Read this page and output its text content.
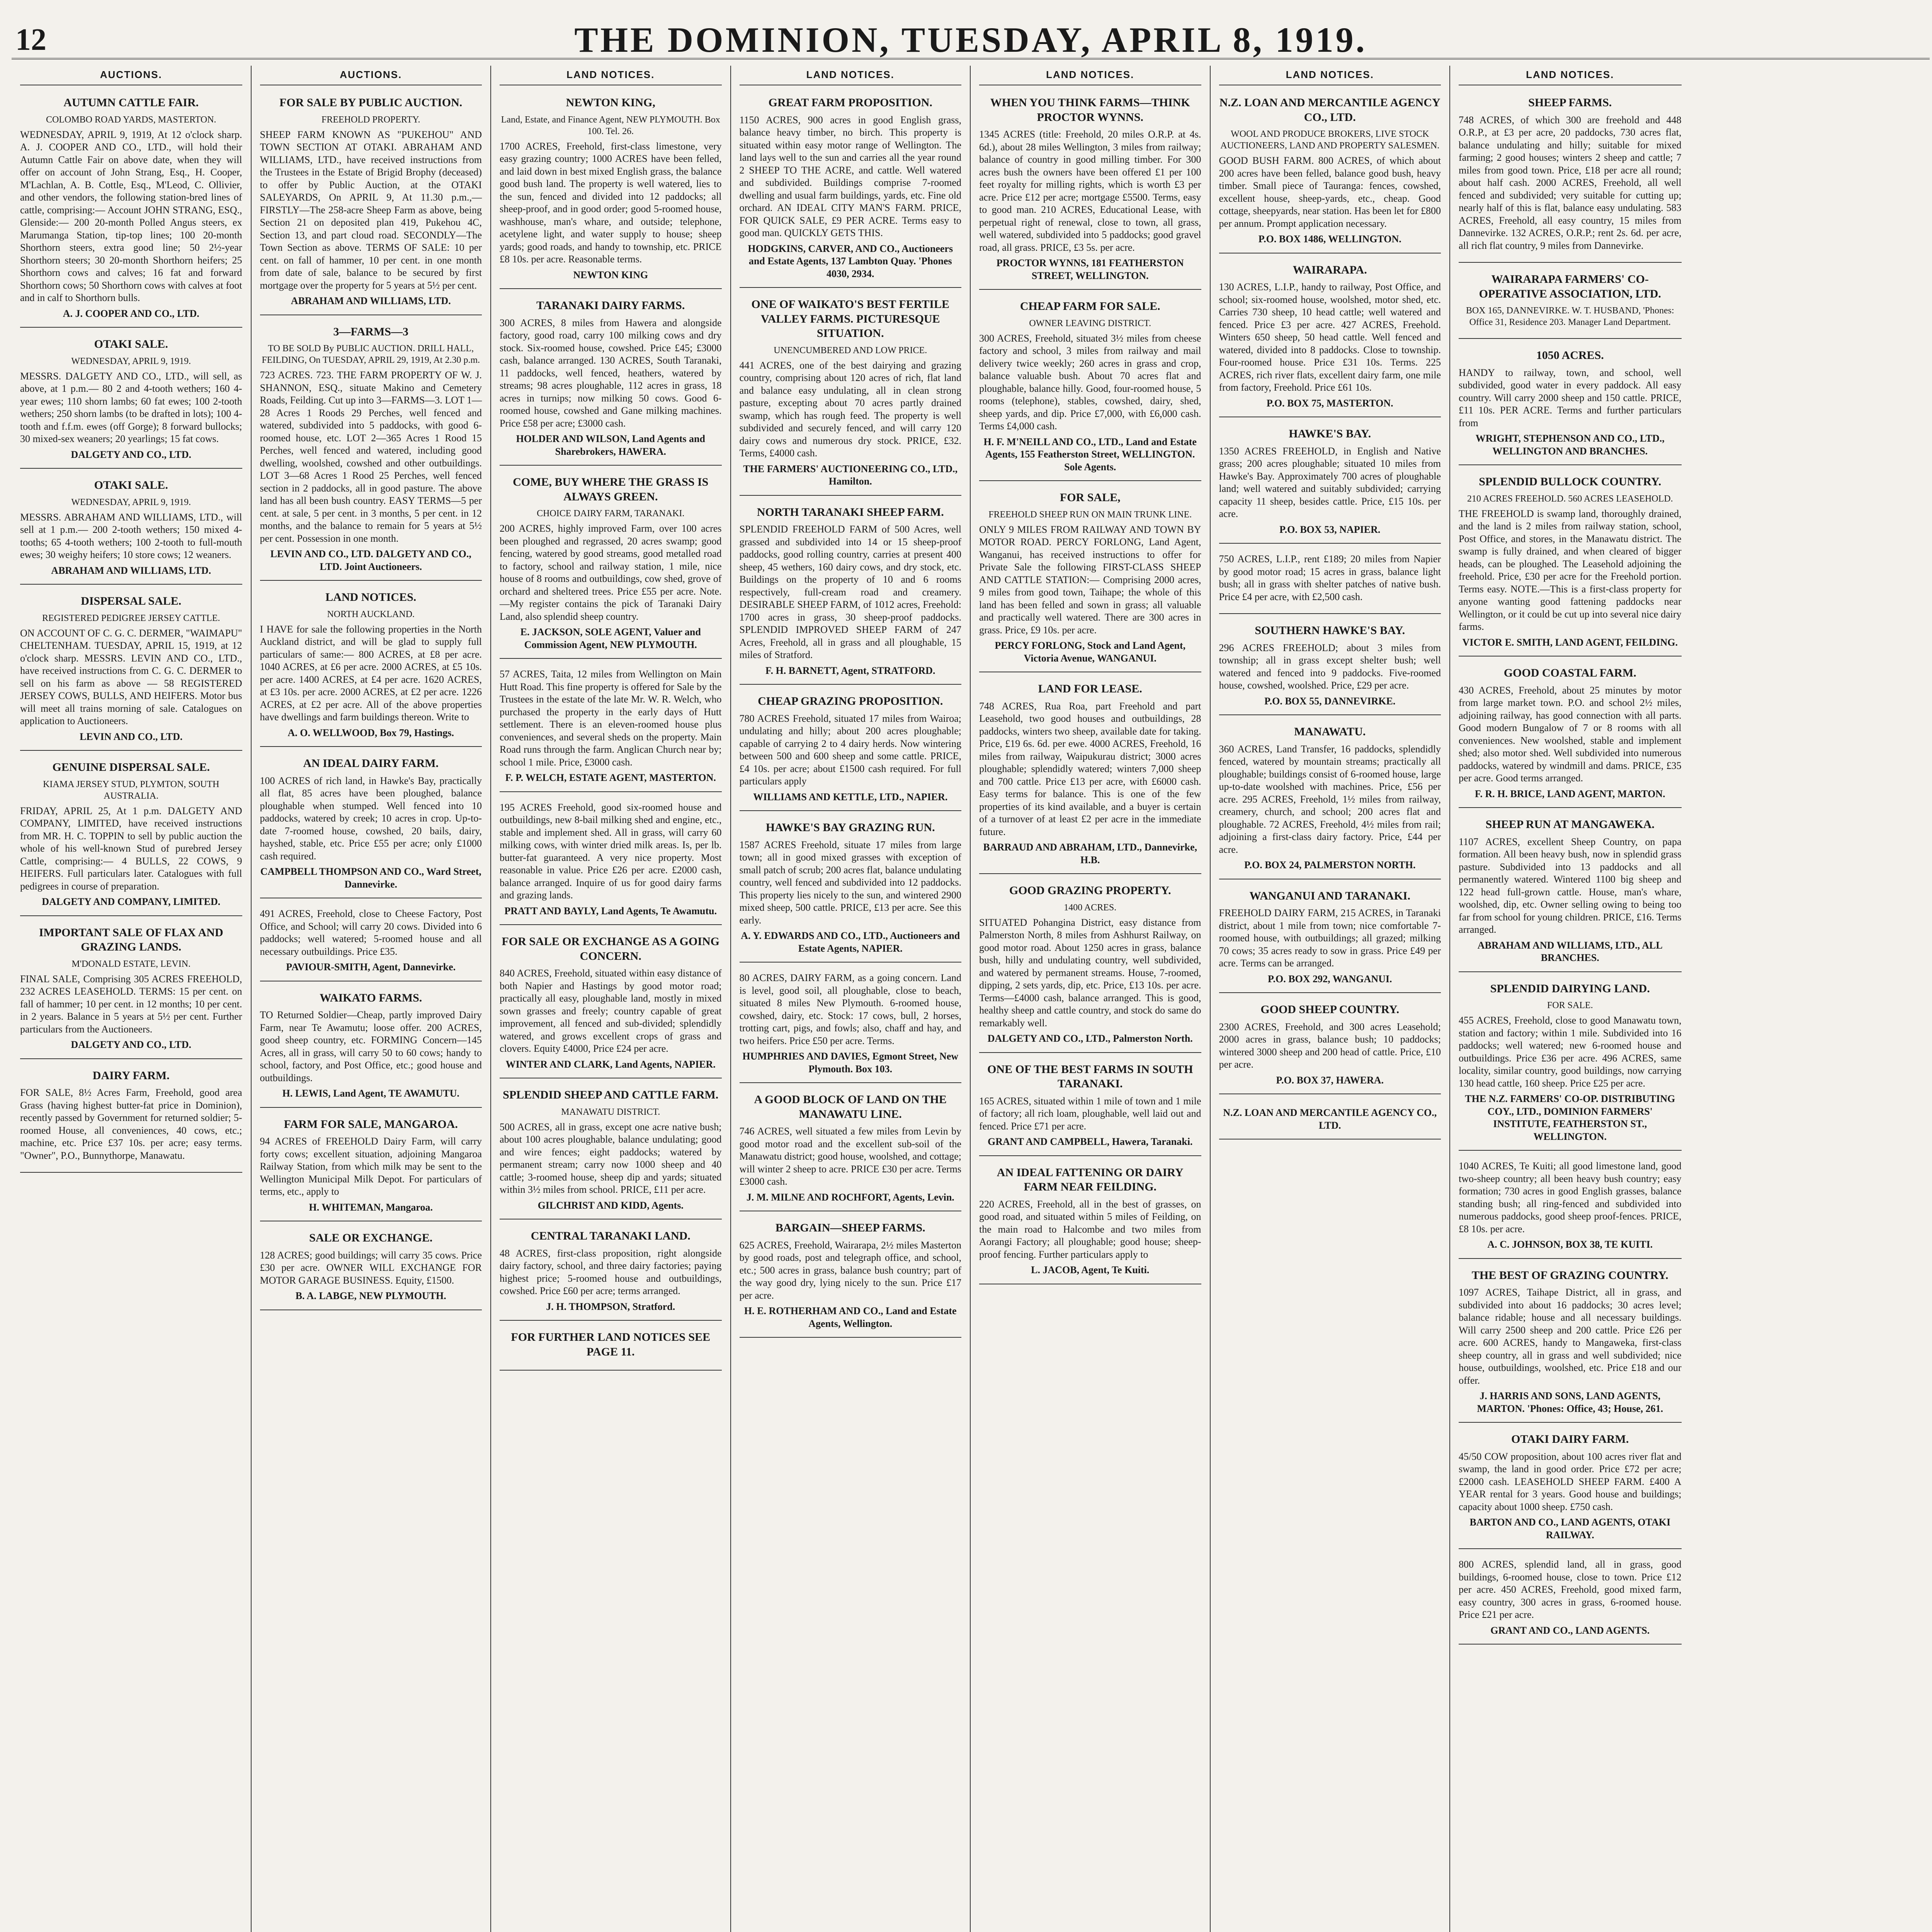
12	THE DOMINION, TUESDAY, APRIL 8, 1919.
AUCTIONS.
AUTUMN CATTLE FAIR.
COLOMBO ROAD YARDS, MASTERTON.

WEDNESDAY, APRIL 9, 1919, At 12 o'clock sharp. A. J. COOPER AND CO., LTD., will hold their Autumn Cattle Fair on above date, when they will offer on account of John Strang, Esq., H. Cooper, M'Lachlan, A. B. Cottle, Esq., M'Leod, C. Ollivier, and other vendors, the following station-bred lines of cattle, comprising:— Account JOHN STRANG, ESQ., Glenside:— 200 20-month Polled Angus steers, ex Marumanga Station, tip-top lines; 100 20-month Shorthorn steers, extra good line; 50 2½-year Shorthorn steers; 30 20-month Shorthorn heifers; 25 Shorthorn cows and calves; 16 fat and forward Shorthorn cows; 50 Shorthorn cows with calves at foot and in calf to Shorthorn bulls.

A. J. COOPER AND CO., LTD.
OTAKI SALE.
WEDNESDAY, APRIL 9, 1919.

MESSRS. DALGETY AND CO., LTD., will sell, as above, at 1 p.m.— 80 2 and 4-tooth wethers; 160 4-year ewes; 110 shorn lambs; 60 fat ewes; 100 2-tooth wethers; 250 shorn lambs (to be drafted in lots); 100 4-tooth and f.f.m. ewes (off Gorge); 8 forward bullocks; 30 mixed-sex weaners; 20 yearlings; 15 fat cows.

DALGETY AND CO., LTD.
OTAKI SALE.
WEDNESDAY, APRIL 9, 1919.

MESSRS. ABRAHAM AND WILLIAMS, LTD., will sell at 1 p.m.— 200 2-tooth wethers; 150 mixed 4-tooths; 65 4-tooth wethers; 100 2-tooth to full-mouth ewes; 30 weighy heifers; 10 store cows; 12 weaners.

ABRAHAM AND WILLIAMS, LTD.
DISPERSAL SALE.
REGISTERED PEDIGREE JERSEY CATTLE.

ON ACCOUNT OF C. G. C. DERMER, "WAIMAPU" CHELTENHAM. TUESDAY, APRIL 15, 1919, at 12 o'clock sharp. MESSRS. LEVIN AND CO., LTD., have received instructions from C. G. C. DERMER to sell on his farm as above — 58 REGISTERED JERSEY COWS, BULLS, AND HEIFERS. Motor bus will meet all trains morning of sale. Catalogues on application to Auctioneers.

LEVIN AND CO., LTD.
GENUINE DISPERSAL SALE.
KIAMA JERSEY STUD, PLYMTON, SOUTH AUSTRALIA.

FRIDAY, APRIL 25, At 1 p.m. DALGETY AND COMPANY, LIMITED, have received instructions from MR. H. C. TOPPIN to sell by public auction the whole of his well-known Stud of purebred Jersey Cattle, comprising:— 4 BULLS, 22 COWS, 9 HEIFERS. Full particulars later. Catalogues with full pedigrees in course of preparation.

DALGETY AND COMPANY, LIMITED.
IMPORTANT SALE OF FLAX AND GRAZING LANDS.
M'DONALD ESTATE, LEVIN.

FINAL SALE, Comprising 305 ACRES FREEHOLD, 232 ACRES LEASEHOLD. TERMS: 15 per cent. on fall of hammer; 10 per cent. in 12 months; 10 per cent. in 2 years. Balance in 5 years at 5½ per cent. Further particulars from the Auctioneers.

DALGETY AND CO., LTD.
DAIRY FARM.

FOR SALE, 8½ Acres Farm, Freehold, good area Grass (having highest butter-fat price in Dominion), recently passed by Government for returned soldier; 5-roomed House, all conveniences, 40 cows, etc.; machine, etc. Price £37 10s. per acre; easy terms. "Owner", P.O., Bunnythorpe, Manawatu.

AUCTIONS.
FOR SALE BY PUBLIC AUCTION.
FREEHOLD PROPERTY.

SHEEP FARM KNOWN AS "PUKEHOU" AND TOWN SECTION AT OTAKI. ABRAHAM AND WILLIAMS, LTD., have received instructions from the Trustees in the Estate of Brigid Brophy (deceased) to offer by Public Auction, at the OTAKI SALEYARDS, On APRIL 9, At 11.30 p.m.,— FIRSTLY—The 258-acre Sheep Farm as above, being Section 21 on deposited plan 419, Pukehou 4C, Section 13, and part cloud road. SECONDLY—The Town Section as above. TERMS OF SALE: 10 per cent. on fall of hammer, 10 per cent. in one month from date of sale, balance to be secured by first mortgage over the property for 5 years at 5½ per cent.

ABRAHAM AND WILLIAMS, LTD.
3—FARMS—3
TO BE SOLD By PUBLIC AUCTION. DRILL HALL, FEILDING, On TUESDAY, APRIL 29, 1919, At 2.30 p.m.

723 ACRES. 723. THE FARM PROPERTY OF W. J. SHANNON, ESQ., situate Makino and Cemetery Roads, Feilding. Cut up into 3—FARMS—3. LOT 1—28 Acres 1 Roods 29 Perches, well fenced and watered, subdivided into 5 paddocks, with good 6-roomed house, etc. LOT 2—365 Acres 1 Rood 15 Perches, well fenced and watered, including good dwelling, woolshed, cowshed and other outbuildings. LOT 3—68 Acres 1 Rood 25 Perches, well fenced section in 2 paddocks, all in good pasture. The above land has all been bush country. EASY TERMS—5 per cent. at sale, 5 per cent. in 3 months, 5 per cent. in 12 months, and the balance to remain for 5 years at 5½ per cent. Possession in one month.

LEVIN AND CO., LTD. DALGETY AND CO., LTD. Joint Auctioneers.
LAND NOTICES.
NORTH AUCKLAND.

I HAVE for sale the following properties in the North Auckland district, and will be glad to supply full particulars of same:— 800 ACRES, at £8 per acre. 1040 ACRES, at £6 per acre. 2000 ACRES, at £5 10s. per acre. 1400 ACRES, at £4 per acre. 1620 ACRES, at £3 10s. per acre. 2000 ACRES, at £2 per acre. 1226 ACRES, at £2 per acre. All of the above properties have dwellings and farm buildings thereon. Write to

A. O. WELLWOOD, Box 79, Hastings.
AN IDEAL DAIRY FARM.

100 ACRES of rich land, in Hawke's Bay, practically all flat, 85 acres have been ploughed, balance ploughable when stumped. Well fenced into 10 paddocks, watered by creek; 10 acres in crop. Up-to-date 7-roomed house, cowshed, 20 bails, dairy, hayshed, stable, etc. Price £55 per acre; only £1000 cash required.

CAMPBELL THOMPSON AND CO., Ward Street, Dannevirke.

491 ACRES, Freehold, close to Cheese Factory, Post Office, and School; will carry 20 cows. Divided into 6 paddocks; well watered; 5-roomed house and all necessary outbuildings. Price £35.

PAVIOUR-SMITH, Agent, Dannevirke.
WAIKATO FARMS.

TO Returned Soldier—Cheap, partly improved Dairy Farm, near Te Awamutu; loose offer. 200 ACRES, good sheep country, etc. FORMING Concern—145 Acres, all in grass, will carry 50 to 60 cows; handy to school, factory, and Post Office, etc.; good house and outbuildings.

H. LEWIS, Land Agent, TE AWAMUTU.
FARM FOR SALE, MANGAROA.

94 ACRES of FREEHOLD Dairy Farm, will carry forty cows; excellent situation, adjoining Mangaroa Railway Station, from which milk may be sent to the Wellington Municipal Milk Depot. For particulars of terms, etc., apply to

H. WHITEMAN, Mangaroa.
SALE OR EXCHANGE.

128 ACRES; good buildings; will carry 35 cows. Price £30 per acre. OWNER WILL EXCHANGE FOR MOTOR GARAGE BUSINESS. Equity, £1500.

B. A. LABGE, NEW PLYMOUTH.
LAND NOTICES.
NEWTON KING,
Land, Estate, and Finance Agent, NEW PLYMOUTH. Box 100. Tel. 26.

1700 ACRES, Freehold, first-class limestone, very easy grazing country; 1000 ACRES have been felled, and laid down in best mixed English grass, the balance good bush land. The property is well watered, lies to the sun, fenced and divided into 12 paddocks; all sheep-proof, and in good order; good 5-roomed house, washhouse, man's whare, and outside; telephone, acetylene light, and water supply to house; sheep yards; good roads, and handy to township, etc. PRICE £8 10s. per acre. Reasonable terms.

NEWTON KING
TARANAKI DAIRY FARMS.

300 ACRES, 8 miles from Hawera and alongside factory, good road, carry 100 milking cows and dry stock. Six-roomed house, cowshed. Price £45; £3000 cash, balance arranged. 130 ACRES, South Taranaki, 11 paddocks, well fenced, heathers, watered by streams; 98 acres ploughable, 112 acres in grass, 18 acres in turnips; now milking 50 cows. Good 6-roomed house, cowshed and Gane milking machines. Price £58 per acre; £3000 cash.

HOLDER AND WILSON, Land Agents and Sharebrokers, HAWERA.
COME, BUY WHERE THE GRASS IS ALWAYS GREEN.
CHOICE DAIRY FARM, TARANAKI.

200 ACRES, highly improved Farm, over 100 acres been ploughed and regrassed, 20 acres swamp; good fencing, watered by good streams, good metalled road to factory, school and railway station, 1 mile, nice house of 8 rooms and outbuildings, cow shed, grove of orchard and sheltered trees. Price £55 per acre. Note.—My register contains the pick of Taranaki Dairy Land, also splendid sheep country.

E. JACKSON, SOLE AGENT, Valuer and Commission Agent, NEW PLYMOUTH.

57 ACRES, Taita, 12 miles from Wellington on Main Hutt Road. This fine property is offered for Sale by the Trustees in the estate of the late Mr. W. R. Welch, who purchased the property in the early days of Hutt settlement. There is an eleven-roomed house plus conveniences, and several sheds on the property. Main Road runs through the farm. Anglican Church near by; school 1 mile. Price, £3000 cash.

F. P. WELCH, ESTATE AGENT, MASTERTON.

195 ACRES Freehold, good six-roomed house and outbuildings, new 8-bail milking shed and engine, etc., stable and implement shed. All in grass, will carry 60 milking cows, with winter dried milk areas. Is, per lb. butter-fat guaranteed. A very nice property. Most reasonable in value. Price £26 per acre. £2000 cash, balance arranged. Inquire of us for good dairy farms and grazing lands.

PRATT AND BAYLY, Land Agents, Te Awamutu.
FOR SALE OR EXCHANGE AS A GOING CONCERN.

840 ACRES, Freehold, situated within easy distance of both Napier and Hastings by good motor road; practically all easy, ploughable land, mostly in mixed sown grasses and freely; country capable of great improvement, all fenced and sub-divided; splendidly watered, and grows excellent crops of grass and clovers. Equity £4000, Price £24 per acre.

WINTER AND CLARK, Land Agents, NAPIER.
SPLENDID SHEEP AND CATTLE FARM.
MANAWATU DISTRICT.

500 ACRES, all in grass, except one acre native bush; about 100 acres ploughable, balance undulating; good and wire fences; eight paddocks; watered by permanent stream; carry now 1000 sheep and 40 cattle; 3-roomed house, sheep dip and yards; situated within 3½ miles from school. PRICE, £11 per acre.

GILCHRIST AND KIDD, Agents.
CENTRAL TARANAKI LAND.

48 ACRES, first-class proposition, right alongside dairy factory, school, and three dairy factories; paying highest price; 5-roomed house and outbuildings, cowshed. Price £60 per acre; terms arranged.

J. H. THOMPSON, Stratford.
FOR FURTHER LAND NOTICES SEE PAGE 11.
LAND NOTICES.
GREAT FARM PROPOSITION.

1150 ACRES, 900 acres in good English grass, balance heavy timber, no birch. This property is situated within easy motor range of Wellington. The land lays well to the sun and carries all the year round 2 SHEEP TO THE ACRE, and cattle. Well watered and subdivided. Buildings comprise 7-roomed dwelling and usual farm buildings, yards, etc. Fine old orchard. AN IDEAL CITY MAN'S FARM. PRICE, FOR QUICK SALE, £9 PER ACRE. Terms easy to good man. QUICKLY GETS THIS.

HODGKINS, CARVER, AND CO., Auctioneers and Estate Agents, 137 Lambton Quay. 'Phones 4030, 2934.
ONE OF WAIKATO'S BEST FERTILE VALLEY FARMS. PICTURESQUE SITUATION.
UNENCUMBERED AND LOW PRICE.

441 ACRES, one of the best dairying and grazing country, comprising about 120 acres of rich, flat land and balance easy undulating, all in clean strong pasture, excepting about 70 acres partly drained swamp, which has rough feed. The property is well subdivided and securely fenced, and will carry 120 dairy cows and numerous dry stock. PRICE, £32. Terms, £4000 cash.

THE FARMERS' AUCTIONEERING CO., LTD., Hamilton.
NORTH TARANAKI SHEEP FARM.

SPLENDID FREEHOLD FARM of 500 Acres, well grassed and subdivided into 14 or 15 sheep-proof paddocks, good rolling country, carries at present 400 sheep, 45 wethers, 160 dairy cows, and dry stock, etc. Buildings on the property of 10 and 6 rooms respectively, full-cream road and creamery. DESIRABLE SHEEP FARM, of 1012 acres, Freehold: 1700 acres in grass, 30 sheep-proof paddocks. SPLENDID IMPROVED SHEEP FARM of 247 Acres, Freehold, all in grass and all ploughable, 15 miles of Stratford.

F. H. BARNETT, Agent, STRATFORD.
CHEAP GRAZING PROPOSITION.

780 ACRES Freehold, situated 17 miles from Wairoa; undulating and hilly; about 200 acres ploughable; capable of carrying 2 to 4 dairy herds. Now wintering between 500 and 600 sheep and some cattle. PRICE, £4 10s. per acre; about £1500 cash required. For full particulars apply

WILLIAMS AND KETTLE, LTD., NAPIER.
HAWKE'S BAY GRAZING RUN.

1587 ACRES Freehold, situate 17 miles from large town; all in good mixed grasses with exception of small patch of scrub; 200 acres flat, balance undulating country, well fenced and subdivided into 12 paddocks. This property lies nicely to the sun, and wintered 2900 mixed sheep, 500 cattle. PRICE, £13 per acre. See this early.

A. Y. EDWARDS AND CO., LTD., Auctioneers and Estate Agents, NAPIER.

80 ACRES, DAIRY FARM, as a going concern. Land is level, good soil, all ploughable, close to beach, situated 8 miles New Plymouth. 6-roomed house, cowshed, dairy, etc. Stock: 17 cows, bull, 2 horses, trotting cart, pigs, and fowls; also, chaff and hay, and two heifers. Price £50 per acre. Terms.

HUMPHRIES AND DAVIES, Egmont Street, New Plymouth. Box 103.
A GOOD BLOCK OF LAND ON THE MANAWATU LINE.

746 ACRES, well situated a few miles from Levin by good motor road and the excellent sub-soil of the Manawatu district; good house, woolshed, and cottage; will winter 2 sheep to acre. PRICE £30 per acre. Terms £3000 cash.

J. M. MILNE AND ROCHFORT, Agents, Levin.
BARGAIN—SHEEP FARMS.

625 ACRES, Freehold, Wairarapa, 2½ miles Masterton by good roads, post and telegraph office, and school, etc.; 500 acres in grass, balance bush country; part of the way good dry, lying nicely to the sun. Price £17 per acre.

H. E. ROTHERHAM AND CO., Land and Estate Agents, Wellington.
LAND NOTICES.
WHEN YOU THINK FARMS—THINK PROCTOR WYNNS.

1345 ACRES (title: Freehold, 20 miles O.R.P. at 4s. 6d.), about 28 miles Wellington, 3 miles from railway; balance of country in good milling timber. For 300 acres bush the owners have been offered £1 per 100 feet royalty for milling rights, which is worth £3 per acre. Price £12 per acre; mortgage £5500. Terms, easy to good man. 210 ACRES, Educational Lease, with perpetual right of renewal, close to town, all grass, well watered, subdivided into 5 paddocks; good gravel road, all grass. PRICE, £3 5s. per acre.

PROCTOR WYNNS, 181 FEATHERSTON STREET, WELLINGTON.
CHEAP FARM FOR SALE.
OWNER LEAVING DISTRICT.

300 ACRES, Freehold, situated 3½ miles from cheese factory and school, 3 miles from railway and mail delivery twice weekly; 260 acres in grass and crop, balance valuable bush. About 70 acres flat and ploughable, balance hilly. Good, four-roomed house, 5 rooms (telephone), stables, cowshed, dairy, shed, sheep yards, and dip. Price £7,000, with £6,000 cash. Terms £4,000 cash.

H. F. M'NEILL AND CO., LTD., Land and Estate Agents, 155 Featherston Street, WELLINGTON. Sole Agents.
FOR SALE,
FREEHOLD SHEEP RUN ON MAIN TRUNK LINE.

ONLY 9 MILES FROM RAILWAY AND TOWN BY MOTOR ROAD. PERCY FORLONG, Land Agent, Wanganui, has received instructions to offer for Private Sale the following FIRST-CLASS SHEEP AND CATTLE STATION:— Comprising 2000 acres, 9 miles from good town, Taihape; the whole of this land has been felled and sown in grass; all valuable and practically well watered. There are 300 acres in grass. Price, £9 10s. per acre.

PERCY FORLONG, Stock and Land Agent, Victoria Avenue, WANGANUI.
LAND FOR LEASE.

748 ACRES, Rua Roa, part Freehold and part Leasehold, two good houses and outbuildings, 28 paddocks, winters two sheep, available date for taking. Price, £19 6s. 6d. per ewe. 4000 ACRES, Freehold, 16 miles from railway, Waipukurau district; 3000 acres ploughable; splendidly watered; winters 7,000 sheep and 700 cattle. Price £13 per acre, with £6000 cash. Easy terms for balance. This is one of the few properties of its kind available, and a buyer is certain of a turnover of at least £2 per acre in the immediate future.

BARRAUD AND ABRAHAM, LTD., Dannevirke, H.B.
GOOD GRAZING PROPERTY.
1400 ACRES.

SITUATED Pohangina District, easy distance from Palmerston North, 8 miles from Ashhurst Railway, on good motor road. About 1250 acres in grass, balance bush, hilly and undulating country, well subdivided, and watered by permanent streams. House, 7-roomed, dipping, 2 sets yards, dip, etc. Price, £13 10s. per acre. Terms—£4000 cash, balance arranged. This is good, healthy sheep and cattle country, and stock do same do remarkably well.

DALGETY AND CO., LTD., Palmerston North.
ONE OF THE BEST FARMS IN SOUTH TARANAKI.

165 ACRES, situated within 1 mile of town and 1 mile of factory; all rich loam, ploughable, well laid out and fenced. Price £71 per acre.

GRANT AND CAMPBELL, Hawera, Taranaki.
AN IDEAL FATTENING OR DAIRY FARM NEAR FEILDING.

220 ACRES, Freehold, all in the best of grasses, on good road, and situated within 5 miles of Feilding, on the main road to Halcombe and two miles from Aorangi Factory; all ploughable; good house; sheep-proof fencing. Further particulars apply to

L. JACOB, Agent, Te Kuiti.
LAND NOTICES.
N.Z. LOAN AND MERCANTILE AGENCY CO., LTD.
WOOL AND PRODUCE BROKERS, LIVE STOCK AUCTIONEERS, LAND AND PROPERTY SALESMEN.

GOOD BUSH FARM. 800 ACRES, of which about 200 acres have been felled, balance good bush, heavy timber. Small piece of Tauranga: fences, cowshed, excellent house, sheep-yards, etc., cheap. Good cottage, sheepyards, near station. Has been let for £800 per annum. Prompt application necessary.

P.O. BOX 1486, WELLINGTON.
WAIRARAPA.

130 ACRES, L.I.P., handy to railway, Post Office, and school; six-roomed house, woolshed, motor shed, etc. Carries 730 sheep, 10 head cattle; well watered and fenced. Price £3 per acre. 427 ACRES, Freehold. Winters 650 sheep, 50 head cattle. Well fenced and watered, divided into 8 paddocks. Close to township. Four-roomed house. Price £31 10s. Terms. 225 ACRES, rich river flats, excellent dairy farm, one mile from factory, Freehold. Price £61 10s.

P.O. BOX 75, MASTERTON.
HAWKE'S BAY.

1350 ACRES FREEHOLD, in English and Native grass; 200 acres ploughable; situated 10 miles from Hawke's Bay. Approximately 700 acres of ploughable land; well watered and suitably subdivided; carrying capacity 11 sheep, besides cattle. Price, £15 10s. per acre.

P.O. BOX 53, NAPIER.

750 ACRES, L.I.P., rent £189; 20 miles from Napier by good motor road; 15 acres in grass, balance light bush; all in grass with shelter patches of native bush. Price £4 per acre, with £2,500 cash.

SOUTHERN HAWKE'S BAY.

296 ACRES FREEHOLD; about 3 miles from township; all in grass except shelter bush; well watered and fenced into 9 paddocks. Five-roomed house, cowshed, woolshed. Price, £29 per acre.

P.O. BOX 55, DANNEVIRKE.
MANAWATU.

360 ACRES, Land Transfer, 16 paddocks, splendidly fenced, watered by mountain streams; practically all ploughable; buildings consist of 6-roomed house, large up-to-date woolshed with machines. Price, £56 per acre. 295 ACRES, Freehold, 1½ miles from railway, creamery, church, and school; 200 acres flat and ploughable. 72 ACRES, Freehold, 4½ miles from rail; adjoining a first-class dairy factory. Price, £44 per acre.

P.O. BOX 24, PALMERSTON NORTH.
WANGANUI AND TARANAKI.

FREEHOLD DAIRY FARM, 215 ACRES, in Taranaki district, about 1 mile from town; nice comfortable 7-roomed house, with outbuildings; all grazed; milking 70 cows; 35 acres ready to sow in grass. Price £49 per acre. Terms can be arranged.

P.O. BOX 292, WANGANUI.
GOOD SHEEP COUNTRY.

2300 ACRES, Freehold, and 300 acres Leasehold; 2000 acres in grass, balance bush; 10 paddocks; wintered 3000 sheep and 200 head of cattle. Price, £10 per acre.

P.O. BOX 37, HAWERA.
N.Z. LOAN AND MERCANTILE AGENCY CO., LTD.
LAND NOTICES.
SHEEP FARMS.

748 ACRES, of which 300 are freehold and 448 O.R.P., at £3 per acre, 20 paddocks, 730 acres flat, balance undulating and hilly; suitable for mixed farming; 2 good houses; winters 2 sheep and cattle; 7 miles from good town. Price, £18 per acre all round; about half cash. 2000 ACRES, Freehold, all well fenced and subdivided; very suitable for cutting up; nearly half of this is flat, balance easy undulating. 583 ACRES, Freehold, all easy country, 15 miles from Dannevirke. 132 ACRES, O.R.P.; rent 2s. 6d. per acre, all rich flat country, 9 miles from Dannevirke.

WAIRARAPA FARMERS' CO-OPERATIVE ASSOCIATION, LTD.
BOX 165, DANNEVIRKE. W. T. HUSBAND, 'Phones: Office 31, Residence 203. Manager Land Department.
1050 ACRES.

HANDY to railway, town, and school, well subdivided, good water in every paddock. All easy country. Will carry 2000 sheep and 150 cattle. PRICE, £11 10s. PER ACRE. Terms and further particulars from

WRIGHT, STEPHENSON AND CO., LTD., WELLINGTON AND BRANCHES.
SPLENDID BULLOCK COUNTRY.
210 ACRES FREEHOLD. 560 ACRES LEASEHOLD.

THE FREEHOLD is swamp land, thoroughly drained, and the land is 2 miles from railway station, school, Post Office, and stores, in the Manawatu district. The swamp is fully drained, and when cleared of bigger heads, can be ploughed. The Leasehold adjoining the freehold. Price, £30 per acre for the Freehold portion. Terms easy. NOTE.—This is a first-class property for anyone wanting good fattening paddocks near Wellington, or it could be cut up into several nice dairy farms.

VICTOR E. SMITH, LAND AGENT, FEILDING.
GOOD COASTAL FARM.

430 ACRES, Freehold, about 25 minutes by motor from large market town. P.O. and school 2½ miles, adjoining railway, has good connection with all parts. Good modern Bungalow of 7 or 8 rooms with all conveniences. New woolshed, stable and implement shed; also motor shed. Well subdivided into numerous paddocks, watered by windmill and dams. PRICE, £35 per acre. Good terms arranged.

F. R. H. BRICE, LAND AGENT, MARTON.
SHEEP RUN AT MANGAWEKA.

1107 ACRES, excellent Sheep Country, on papa formation. All been heavy bush, now in splendid grass pasture. Subdivided into 13 paddocks and all permanently watered. Wintered 1100 big sheep and 122 head full-grown cattle. House, man's whare, woolshed, dip, etc. Owner selling owing to being too far from school for young children. PRICE, £16. Terms arranged.

ABRAHAM AND WILLIAMS, LTD., ALL BRANCHES.
SPLENDID DAIRYING LAND.
FOR SALE.

455 ACRES, Freehold, close to good Manawatu town, station and factory; within 1 mile. Subdivided into 16 paddocks; well watered; new 6-roomed house and outbuildings. Price £36 per acre. 496 ACRES, same locality, similar country, good buildings, now carrying 130 head cattle, 160 sheep. Price £25 per acre.

THE N.Z. FARMERS' CO-OP. DISTRIBUTING COY., LTD., DOMINION FARMERS' INSTITUTE, FEATHERSTON ST., WELLINGTON.

1040 ACRES, Te Kuiti; all good limestone land, good two-sheep country; all been heavy bush country; easy formation; 730 acres in good English grasses, balance standing bush; all ring-fenced and subdivided into numerous paddocks, good sheep proof-fences. PRICE, £8 10s. per acre.

A. C. JOHNSON, BOX 38, TE KUITI.
THE BEST OF GRAZING COUNTRY.

1097 ACRES, Taihape District, all in grass, and subdivided into about 16 paddocks; 30 acres level; balance ridable; house and all necessary buildings. Will carry 2500 sheep and 200 cattle. Price £26 per acre. 600 ACRES, handy to Mangaweka, first-class sheep country, all in grass and well subdivided; nice house, outbuildings, woolshed, etc. Price £18 and our offer.

J. HARRIS AND SONS, LAND AGENTS, MARTON. 'Phones: Office, 43; House, 261.
OTAKI DAIRY FARM.

45/50 COW proposition, about 100 acres river flat and swamp, the land in good order. Price £72 per acre; £2000 cash. LEASEHOLD SHEEP FARM. £400 A YEAR rental for 3 years. Good house and buildings; capacity about 1000 sheep. £750 cash.

BARTON AND CO., LAND AGENTS, OTAKI RAILWAY.

800 ACRES, splendid land, all in grass, good buildings, 6-roomed house, close to town. Price £12 per acre. 450 ACRES, Freehold, good mixed farm, easy country, 300 acres in grass, 6-roomed house. Price £21 per acre.

GRANT AND CO., LAND AGENTS.
